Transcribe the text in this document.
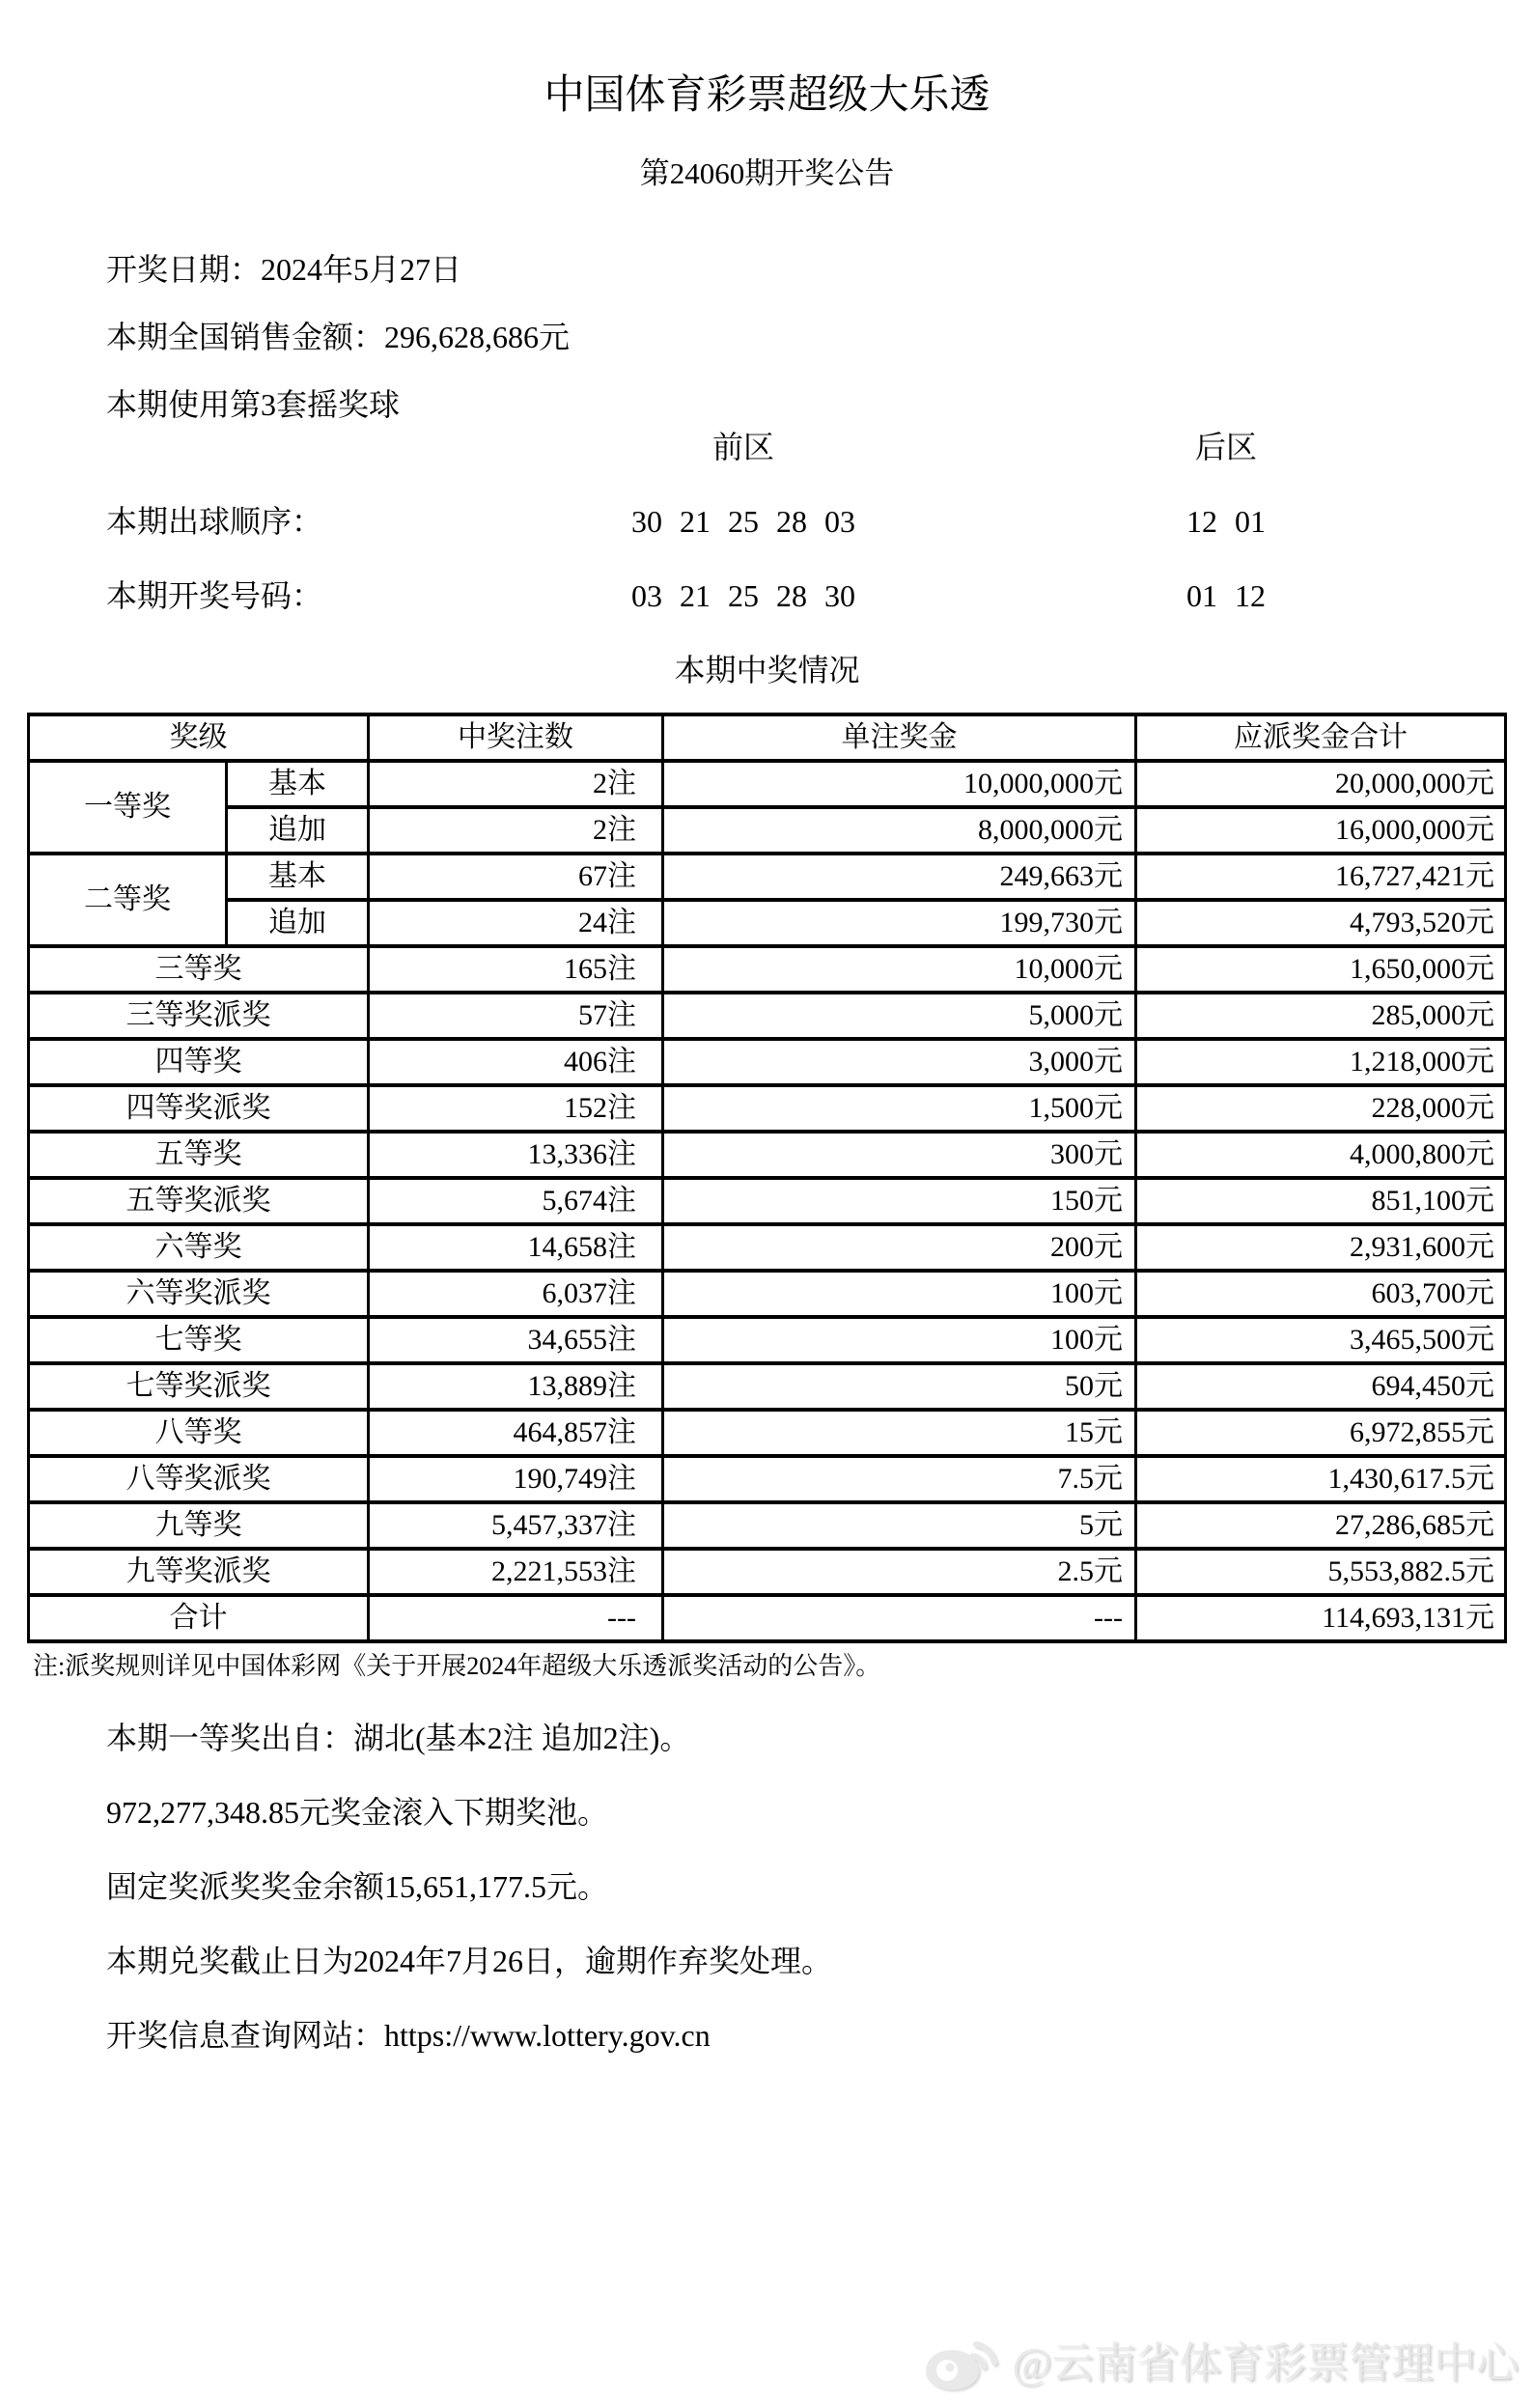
中国体育彩票超级大乐透
第24060期开奖公告

开奖日期：2024年5月27日

本期全国销售金额：296,628,686元

本期使用第3套摇奖球

前区	后区
本期出球顺序：	30 21 25 28 03	12 01
本期开奖号码：	03 21 25 28 30	01 12
本期中奖情况
奖级		中奖注数	单注奖金	应派奖金合计
一等奖	基本	2注	10,000,000元	20,000,000元
	追加	2注	8,000,000元	16,000,000元
二等奖	基本	67注	249,663元	16,727,421元
	追加	24注	199,730元	4,793,520元
三等奖		165注	10,000元	1,650,000元
三等奖派奖		57注	5,000元	285,000元
四等奖		406注	3,000元	1,218,000元
四等奖派奖		152注	1,500元	228,000元
五等奖		13,336注	300元	4,000,800元
五等奖派奖		5,674注	150元	851,100元
六等奖		14,658注	200元	2,931,600元
六等奖派奖		6,037注	100元	603,700元
七等奖		34,655注	100元	3,465,500元
七等奖派奖		13,889注	50元	694,450元
八等奖		464,857注	15元	6,972,855元
八等奖派奖		190,749注	7.5元	1,430,617.5元
九等奖		5,457,337注	5元	27,286,685元
九等奖派奖		2,221,553注	2.5元	5,553,882.5元
合计		---	---	114,693,131元

注:派奖规则详见中国体彩网《关于开展2024年超级大乐透派奖活动的公告》。

本期一等奖出自：湖北(基本2注 追加2注)。

972,277,348.85元奖金滚入下期奖池。

固定奖派奖奖金余额15,651,177.5元。

本期兑奖截止日为2024年7月26日，逾期作弃奖处理。

开奖信息查询网站：https://www.lottery.gov.cn

@云南省体育彩票管理中心
